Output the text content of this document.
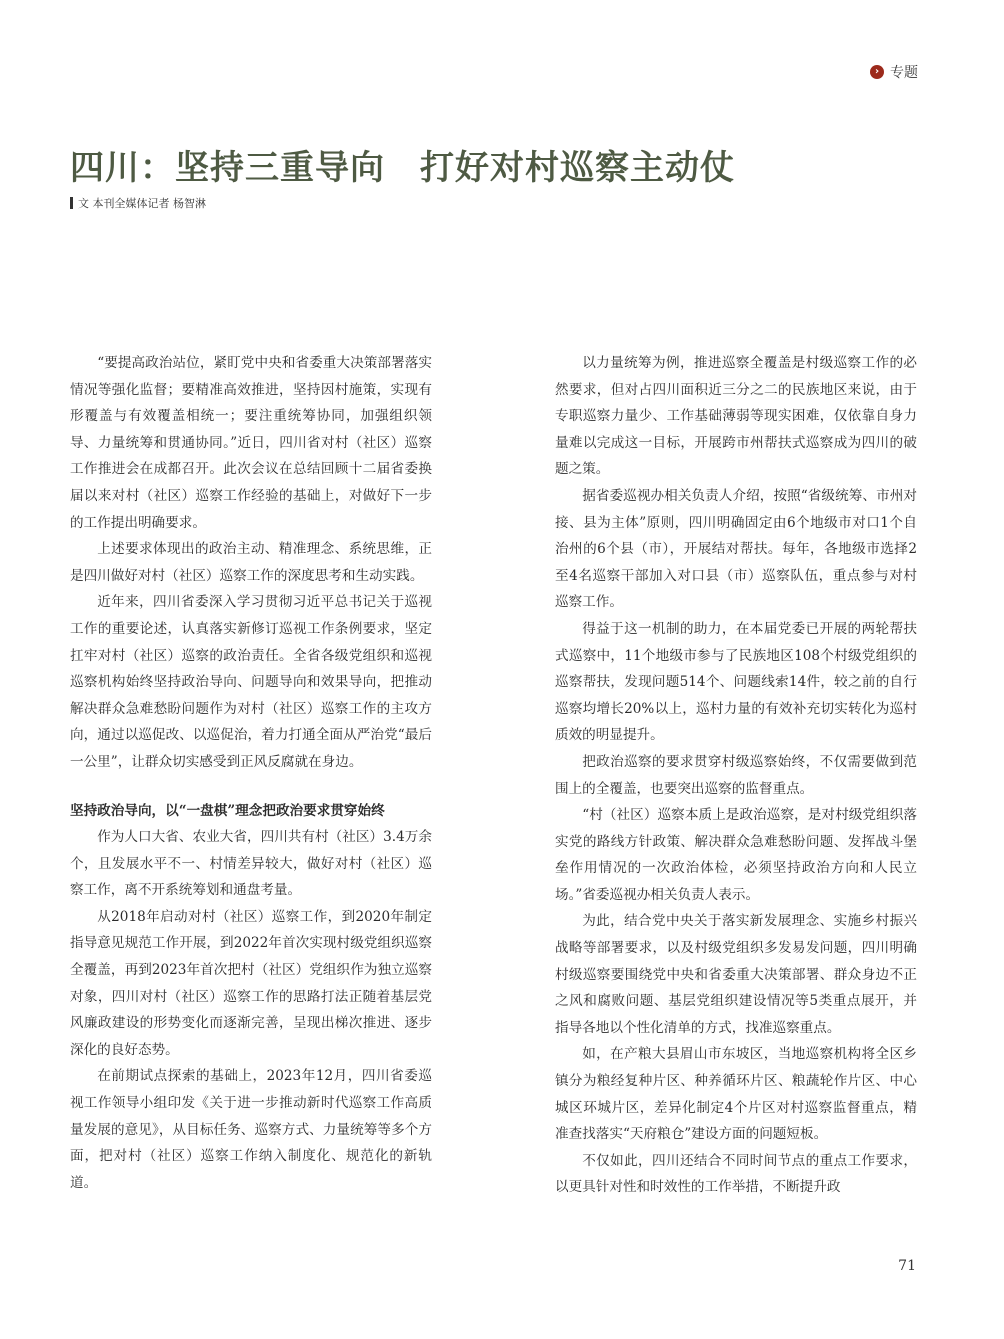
› 专题
四川：坚持三重导向　打好对村巡察主动仗
文 本刊全媒体记者 杨智淋

“要提高政治站位，紧盯党中央和省委重大决策部署落实情况等强化监督；要精准高效推进，坚持因村施策，实现有形覆盖与有效覆盖相统一；要注重统筹协同，加强组织领导、力量统筹和贯通协同。”近日，四川省对村（社区）巡察工作推进会在成都召开。此次会议在总结回顾十二届省委换届以来对村（社区）巡察工作经验的基础上，对做好下一步的工作提出明确要求。

上述要求体现出的政治主动、精准理念、系统思维，正是四川做好对村（社区）巡察工作的深度思考和生动实践。

近年来，四川省委深入学习贯彻习近平总书记关于巡视工作的重要论述，认真落实新修订巡视工作条例要求，坚定扛牢对村（社区）巡察的政治责任。全省各级党组织和巡视巡察机构始终坚持政治导向、问题导向和效果导向，把推动解决群众急难愁盼问题作为对村（社区）巡察工作的主攻方向，通过以巡促改、以巡促治，着力打通全面从严治党“最后一公里”，让群众切实感受到正风反腐就在身边。

坚持政治导向，以“一盘棋”理念把政治要求贯穿始终

作为人口大省、农业大省，四川共有村（社区）3.4万余个，且发展水平不一、村情差异较大，做好对村（社区）巡察工作，离不开系统筹划和通盘考量。

从2018年启动对村（社区）巡察工作，到2020年制定指导意见规范工作开展，到2022年首次实现村级党组织巡察全覆盖，再到2023年首次把村（社区）党组织作为独立巡察对象，四川对村（社区）巡察工作的思路打法正随着基层党风廉政建设的形势变化而逐渐完善，呈现出梯次推进、逐步深化的良好态势。

在前期试点探索的基础上，2023年12月，四川省委巡视工作领导小组印发《关于进一步推动新时代巡察工作高质量发展的意见》，从目标任务、巡察方式、力量统筹等多个方面，把对村（社区）巡察工作纳入制度化、规范化的新轨道。

以力量统筹为例，推进巡察全覆盖是村级巡察工作的必然要求，但对占四川面积近三分之二的民族地区来说，由于专职巡察力量少、工作基础薄弱等现实困难，仅依靠自身力量难以完成这一目标，开展跨市州帮扶式巡察成为四川的破题之策。

据省委巡视办相关负责人介绍，按照“省级统筹、市州对接、县为主体”原则，四川明确固定由6个地级市对口1个自治州的6个县（市），开展结对帮扶。每年，各地级市选择2至4名巡察干部加入对口县（市）巡察队伍，重点参与对村巡察工作。

得益于这一机制的助力，在本届党委已开展的两轮帮扶式巡察中，11个地级市参与了民族地区108个村级党组织的巡察帮扶，发现问题514个、问题线索14件，较之前的自行巡察均增长20%以上，巡村力量的有效补充切实转化为巡村质效的明显提升。

把政治巡察的要求贯穿村级巡察始终，不仅需要做到范围上的全覆盖，也要突出巡察的监督重点。

“村（社区）巡察本质上是政治巡察，是对村级党组织落实党的路线方针政策、解决群众急难愁盼问题、发挥战斗堡垒作用情况的一次政治体检，必须坚持政治方向和人民立场。”省委巡视办相关负责人表示。

为此，结合党中央关于落实新发展理念、实施乡村振兴战略等部署要求，以及村级党组织多发易发问题，四川明确村级巡察要围绕党中央和省委重大决策部署、群众身边不正之风和腐败问题、基层党组织建设情况等5类重点展开，并指导各地以个性化清单的方式，找准巡察重点。

如，在产粮大县眉山市东坡区，当地巡察机构将全区乡镇分为粮经复种片区、种养循环片区、粮蔬轮作片区、中心城区环城片区，差异化制定4个片区对村巡察监督重点，精准查找落实“天府粮仓”建设方面的问题短板。

不仅如此，四川还结合不同时间节点的重点工作要求，以更具针对性和时效性的工作举措，不断提升政

71
